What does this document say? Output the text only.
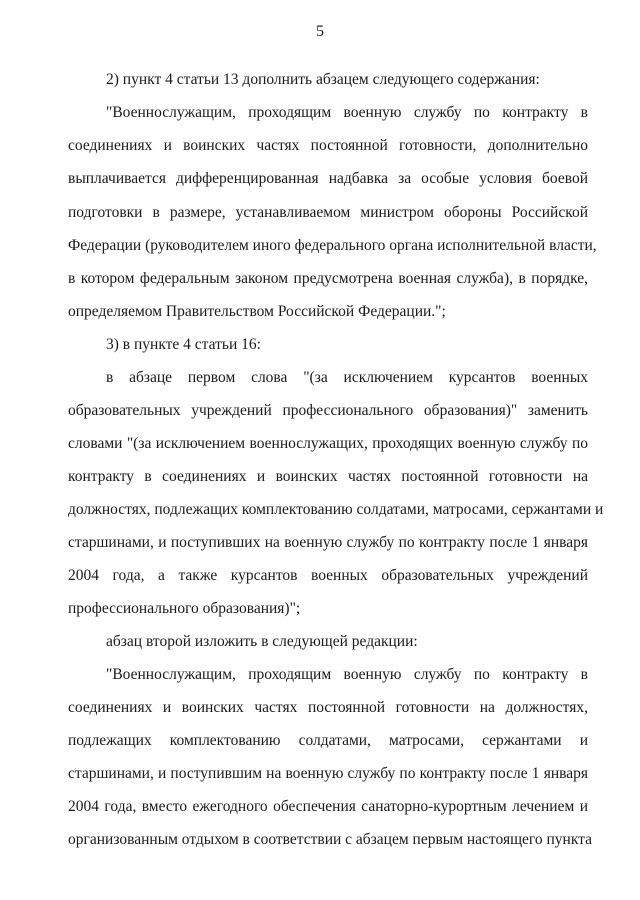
5
2) пункт 4 статьи 13 дополнить абзацем следующего содержания:
"Военнослужащим, проходящим военную службу по контракту в
соединениях и воинских частях постоянной готовности, дополнительно
выплачивается дифференцированная надбавка за особые условия боевой
подготовки в размере, устанавливаемом министром обороны Российской
Федерации (руководителем иного федерального органа исполнительной власти,
в котором федеральным законом предусмотрена военная служба), в порядке,
определяемом Правительством Российской Федерации.";
3) в пункте 4 статьи 16:
в абзаце первом слова "(за исключением курсантов военных
образовательных учреждений профессионального образования)" заменить
словами "(за исключением военнослужащих, проходящих военную службу по
контракту в соединениях и воинских частях постоянной готовности на
должностях, подлежащих комплектованию солдатами, матросами, сержантами и
старшинами, и поступивших на военную службу по контракту после 1 января
2004 года, а также курсантов военных образовательных учреждений
профессионального образования)";
абзац второй изложить в следующей редакции:
"Военнослужащим, проходящим военную службу по контракту в
соединениях и воинских частях постоянной готовности на должностях,
подлежащих комплектованию солдатами, матросами, сержантами и
старшинами, и поступившим на военную службу по контракту после 1 января
2004 года, вместо ежегодного обеспечения санаторно-курортным лечением и
организованным отдыхом в соответствии с абзацем первым настоящего пункта
